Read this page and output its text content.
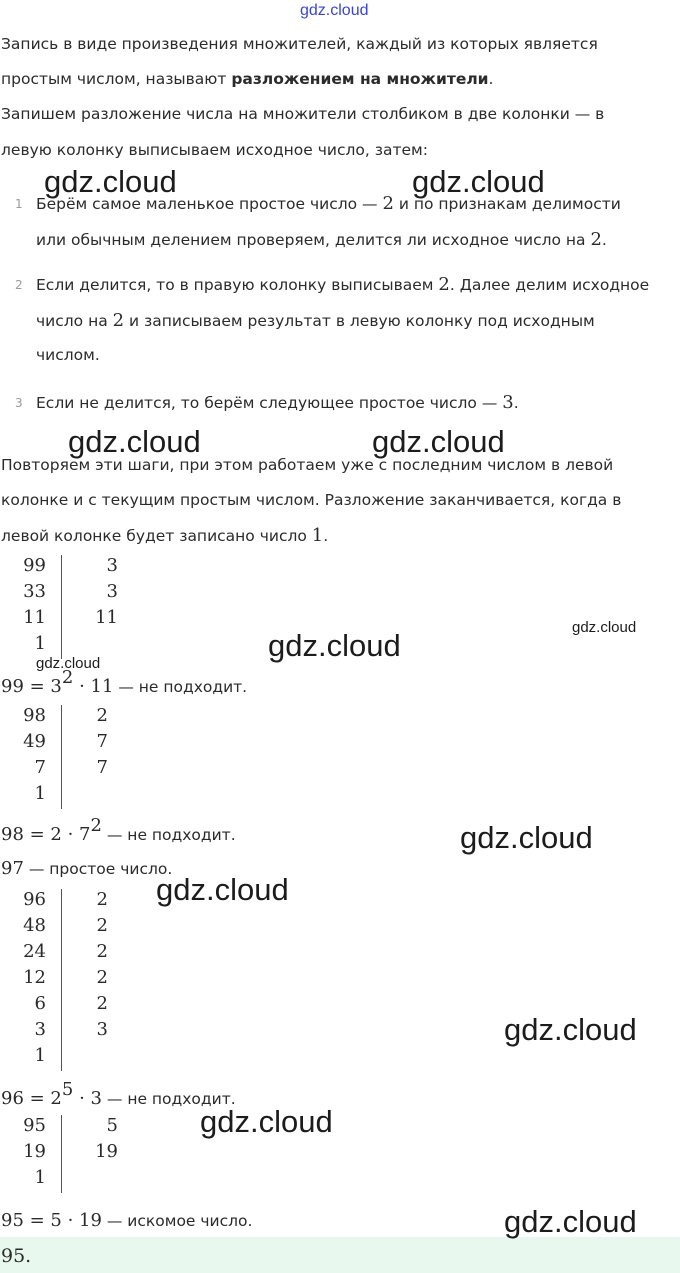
gdz.cloud
Запись в виде произведения множителей, каждый из которых является
простым числом, называют разложением на множители.
Запишем разложение числа на множители столбиком в две колонки — в
левую колонку выписываем исходное число, затем:
1 Берём самое маленькое простое число — 2 и по признакам делимости
или обычным делением проверяем, делится ли исходное число на 2.
2 Если делится, то в правую колонку выписываем 2. Далее делим исходное
число на 2 и записываем результат в левую колонку под исходным
числом.
3 Если не делится, то берём следующее простое число — 3.
Повторяем эти шаги, при этом работаем уже с последним числом в левой
колонке и с текущим простым числом. Разложение заканчивается, когда в
левой колонке будет записано число 1.
99
33
11
1
3
3
11
$99 = 3^2 \cdot 11$ — не подходит.
98
49
7
1
2
7
7
$98 = 2 \cdot 7^2$ — не подходит.
97 — простое число.
96
48
24
12
6
3
1
2
2
2
2
2
3
$96 = 2^5 \cdot 3$ — не подходит.
95
19
1
5
19
95 = 5 · 19 — искомое число.
95.
gdz.cloud	gdz.cloud
gdz.cloud	gdz.cloud
gdz.cloud
gdz.cloud
gdz.cloud
gdz.cloud
gdz.cloud
gdz.cloud
gdz.cloud
gdz.cloud
